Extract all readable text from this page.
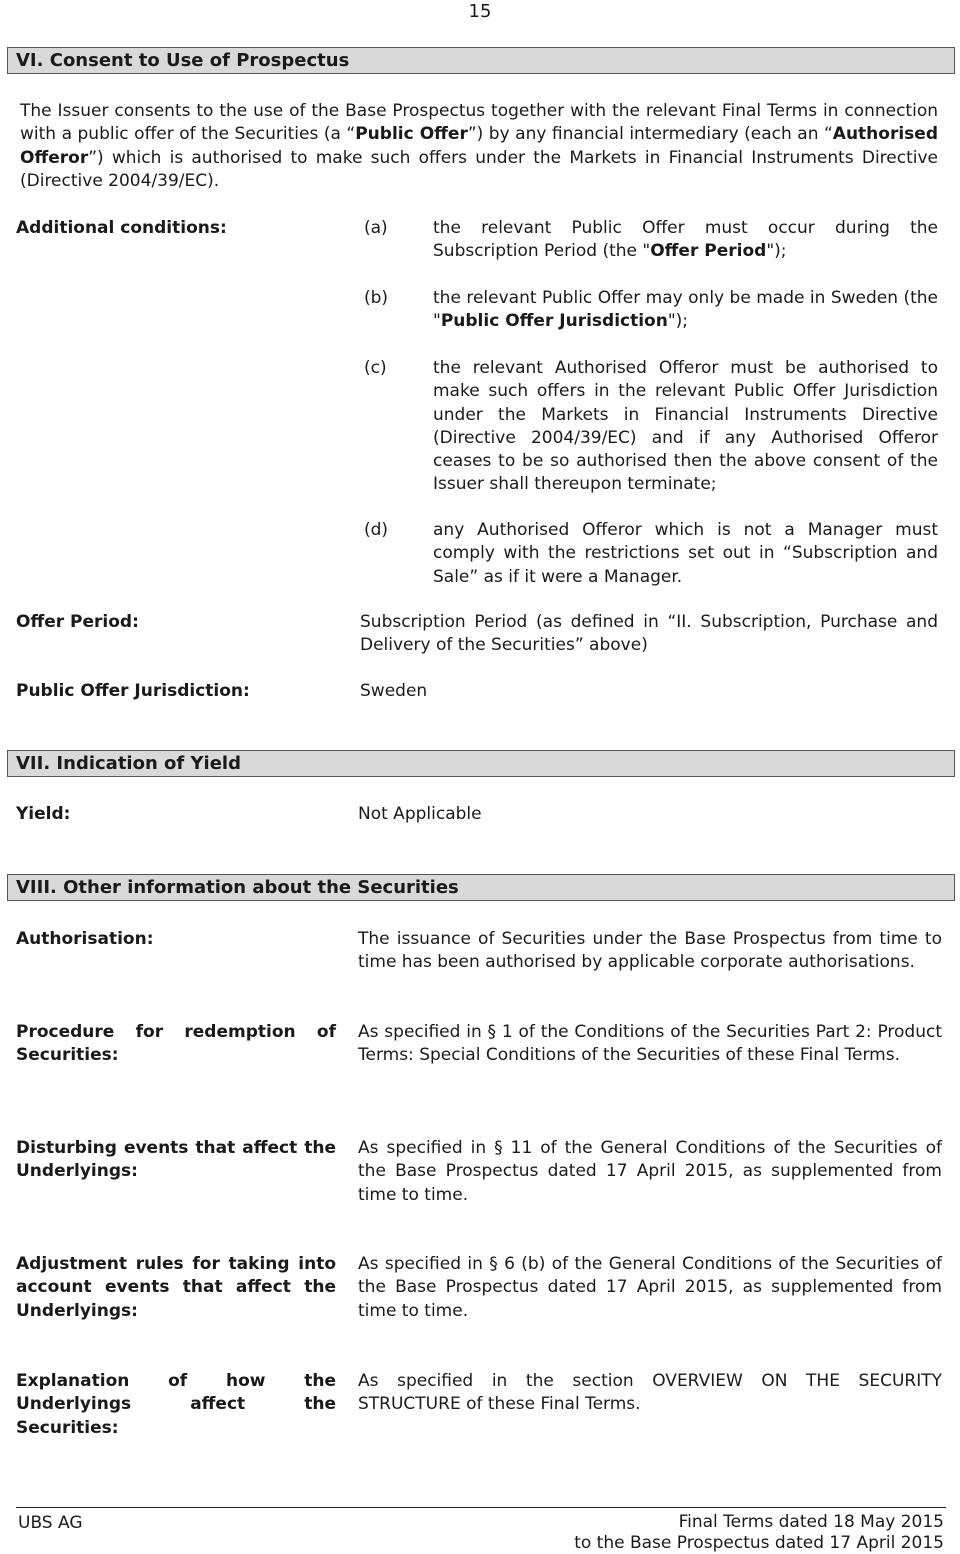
15
VI. Consent to Use of Prospectus
The Issuer consents to the use of the Base Prospectus together with the relevant Final Terms in connection with a public offer of the Securities (a “Public Offer”) by any financial intermediary (each an “Authorised Offeror”) which is authorised to make such offers under the Markets in Financial Instruments Directive (Directive 2004/39/EC).
Additional conditions:	(a)	the relevant Public Offer must occur during the Subscription Period (the "Offer Period");
(b)	the relevant Public Offer may only be made in Sweden (the "Public Offer Jurisdiction");
(c)	the relevant Authorised Offeror must be authorised to make such offers in the relevant Public Offer Jurisdiction under the Markets in Financial Instruments Directive (Directive 2004/39/EC) and if any Authorised Offeror ceases to be so authorised then the above consent of the Issuer shall thereupon terminate;
(d)	any Authorised Offeror which is not a Manager must comply with the restrictions set out in “Subscription and Sale” as if it were a Manager.
Offer Period:	Subscription Period (as defined in “II. Subscription, Purchase and Delivery of the Securities” above)
Public Offer Jurisdiction:	Sweden
VII. Indication of Yield
Yield:	Not Applicable
VIII. Other information about the Securities
Authorisation:	The issuance of Securities under the Base Prospectus from time to time has been authorised by applicable corporate authorisations.
Procedure for redemption of Securities:
As specified in § 1 of the Conditions of the Securities Part 2: Product Terms: Special Conditions of the Securities of these Final Terms.
Disturbing events that affect the Underlyings:
As specified in § 11 of the General Conditions of the Securities of the Base Prospectus dated 17 April 2015, as supplemented from time to time.
Adjustment rules for taking into account events that affect the Underlyings:
As specified in § 6 (b) of the General Conditions of the Securities of the Base Prospectus dated 17 April 2015, as supplemented from time to time.
Explanation of how the Underlyings affect the Securities:
As specified in the section OVERVIEW ON THE SECURITY STRUCTURE of these Final Terms.
UBS AG	Final Terms dated 18 May 2015
to the Base Prospectus dated 17 April 2015
